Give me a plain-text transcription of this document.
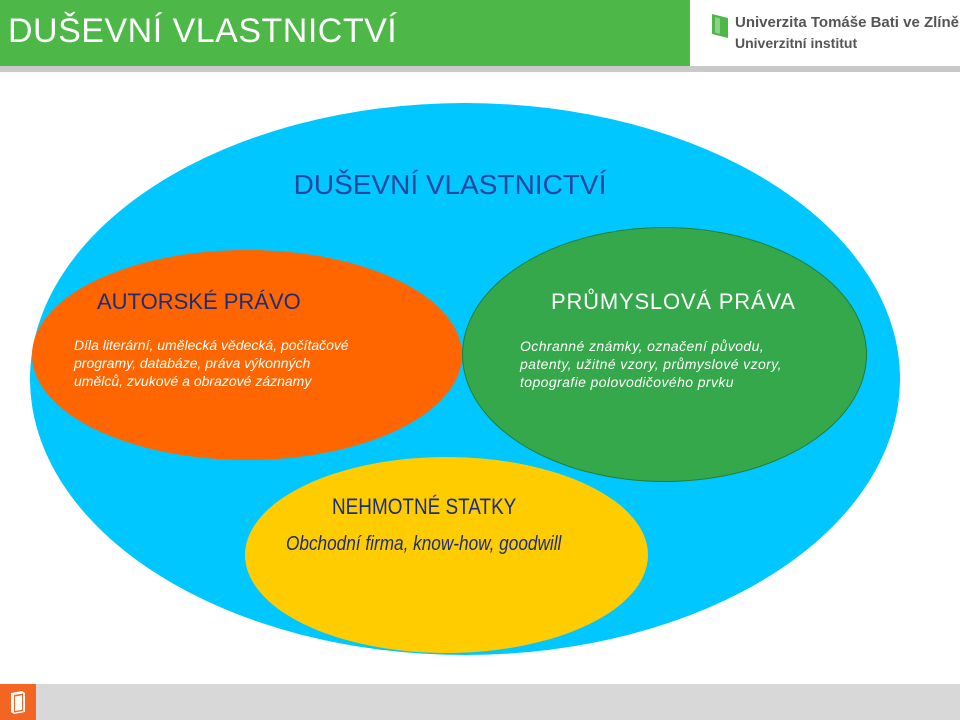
DUŠEVNÍ VLASTNICTVÍ	Univerzita Tomáše Bati ve Zlíně
Univerzitní institut
DUŠEVNÍ VLASTNICTVÍ
AUTORSKÉ PRÁVO
Díla literární, umělecká vědecká, počítačové
programy, databáze, práva výkonných
umělců, zvukové a obrazové záznamy
PRŮMYSLOVÁ PRÁVA
Ochranné známky, označení původu,
patenty, užitné vzory, průmyslové vzory,
topografie polovodičového prvku
NEHMOTNÉ STATKY
Obchodní firma, know-how, goodwill
